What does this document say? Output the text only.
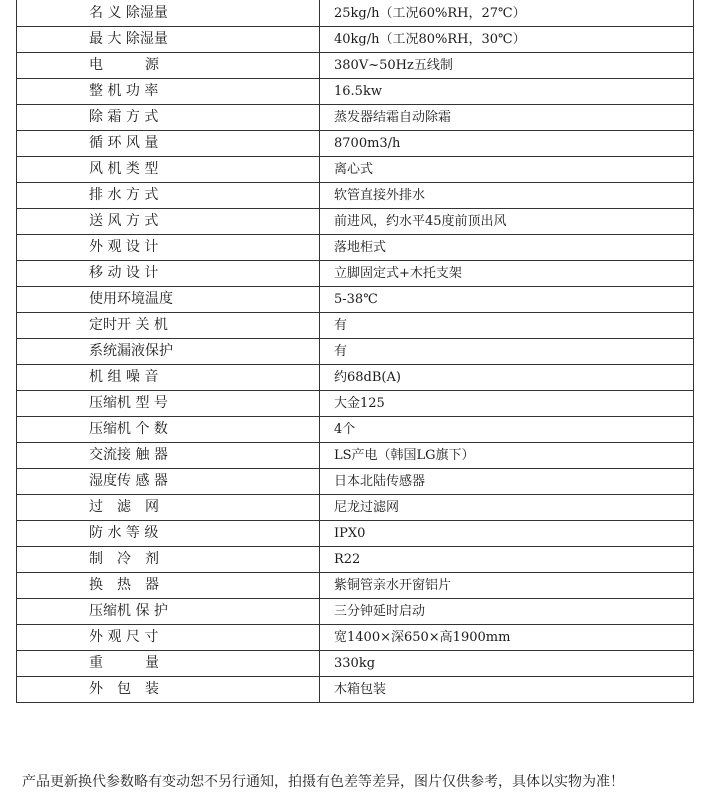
名 义 除湿量	25kg/h（工况60%RH，27℃）
最 大 除湿量	40kg/h（工况80%RH，30℃）
电　　　源	380V~50Hz五线制
整 机 功 率	16.5kw
除 霜 方 式	蒸发器结霜自动除霜
循 环 风 量	8700m3/h
风 机 类 型	离心式
排 水 方 式	软管直接外排水
送 风 方 式	前进风，约水平45度前顶出风
外 观 设 计	落地柜式
移 动 设 计	立脚固定式+木托支架
使用环境温度	5-38℃
定时开 关 机	有
系统漏液保护	有
机 组 噪 音	约68dB(A)
压缩机 型 号	大金125
压缩机 个 数	4个
交流接 触 器	LS产电（韩国LG旗下）
湿度传 感 器	日本北陆传感器
过　滤　网	尼龙过滤网
防 水 等 级	IPX0
制　冷　剂	R22
换　热　器	紫铜管亲水开窗铝片
压缩机 保 护	三分钟延时启动
外 观 尺 寸	宽1400×深650×高1900mm
重　　　量	330kg
外　包　装	木箱包装
产品更新换代参数略有变动恕不另行通知，拍摄有色差等差异，图片仅供参考，具体以实物为准！
